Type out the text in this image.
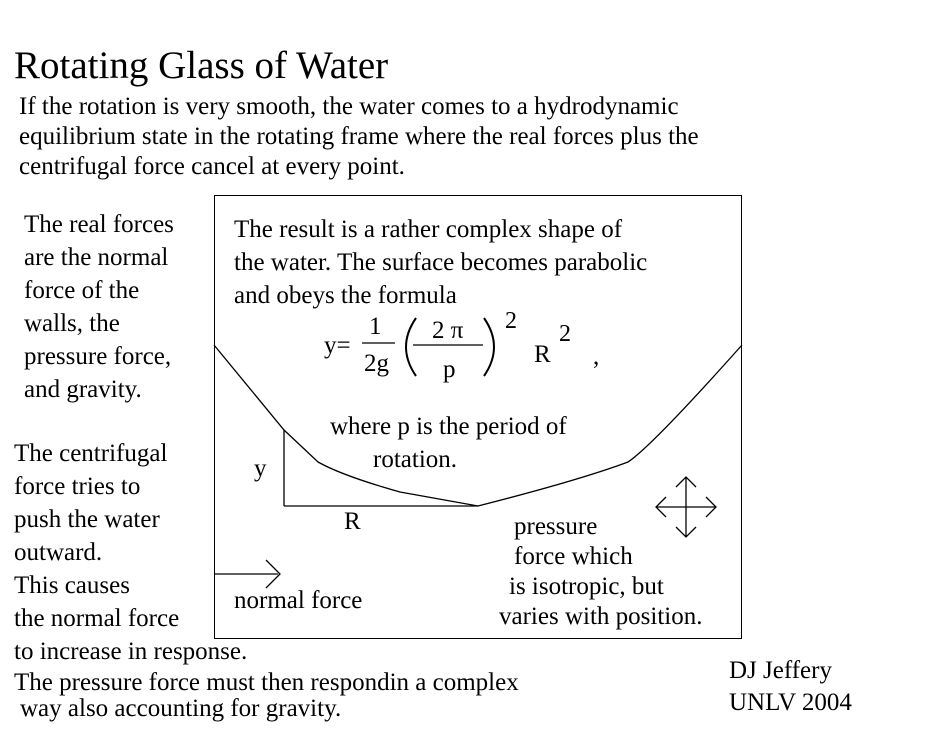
Rotating Glass of Water
If the rotation is very smooth, the water comes to a hydrodynamic
equilibrium state in the rotating frame where the real forces plus the
centrifugal force cancel at every point.
The real forces
are the normal
force of the
walls, the
pressure force,
and gravity.
The centrifugal
force tries to
push the water
outward.
This causes
the normal force
to increase in response.
The pressure force must then respondin a complex
way also accounting for gravity.
The result is a rather complex shape of
the water. The surface becomes parabolic
and obeys the formula
y=
1
2g
2 π
p
2
R
2
,
where p is the period of
rotation.
y
R
normal force
pressure
force which
is isotropic, but
varies with position.
DJ Jeffery
UNLV 2004
